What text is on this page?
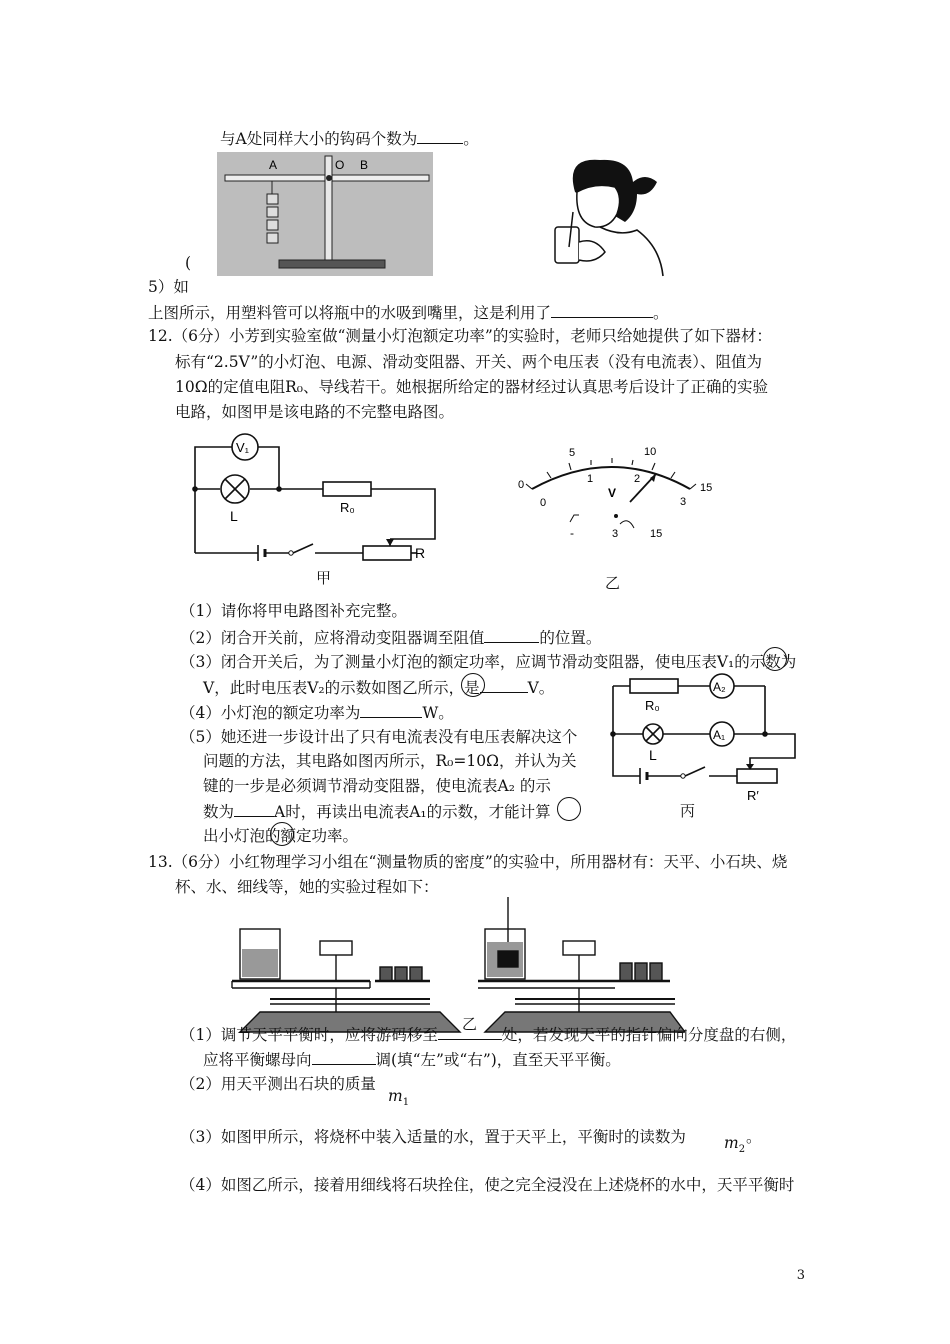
与A处同样大小的钩码个数为	。
A	O B
(
5）如
上图所示，用塑料管可以将瓶中的水吸到嘴里，这是利用了	。
12.（6分）小芳到实验室做“测量小灯泡额定功率”的实验时，老师只给她提供了如下器材：
标有“2.5V”的小灯泡、电源、滑动变阻器、开关、两个电压表（没有电流表）、阻值为
10Ω的定值电阻R₀、导线若干。她根据所给定的器材经过认真思考后设计了正确的实验
电路，如图甲是该电路的不完整电路图。
V₁
L
R₀
R
甲
0
5	10
15
1	2
3
0
V
-	3	15
乙
（1）请你将甲电路图补充完整。
（2）闭合开关前，应将滑动变阻器调至阻值	的位置。
（3）闭合开关后，为了测量小灯泡的额定功率，应调节滑动变阻器，使电压表V₁的示数为
V，此时电压表V₂的示数如图乙所示，是	V。
（4）小灯泡的额定功率为	W。
（5）她还进一步设计出了只有电流表没有电压表解决这个
问题的方法，其电路如图丙所示，R₀=10Ω，并认为关
键的一步是必须调节滑动变阻器，使电流表A₂ 的示
数为	A时，再读出电流表A₁的示数，才能计算
出小灯泡的额定功率。
A₂
A₁
R₀
L
R′
丙
13.（6分）小红物理学习小组在“测量物质的密度”的实验中，所用器材有：天平、小石块、烧
杯、水、细线等，她的实验过程如下：
乙
（1）调节天平平衡时，应将游码移至	处，若发现天平的指针偏向分度盘的右侧，
应将平衡螺母向	调(填“左”或“右”)，直至天平平衡。
（2）用天平测出石块的质量
$m_1$
（3）如图甲所示，将烧杯中装入适量的水，置于天平上，平衡时的读数为 $m_2$
。
（4）如图乙所示，接着用细线将石块拴住，使之完全浸没在上述烧杯的水中，天平平衡时
3
